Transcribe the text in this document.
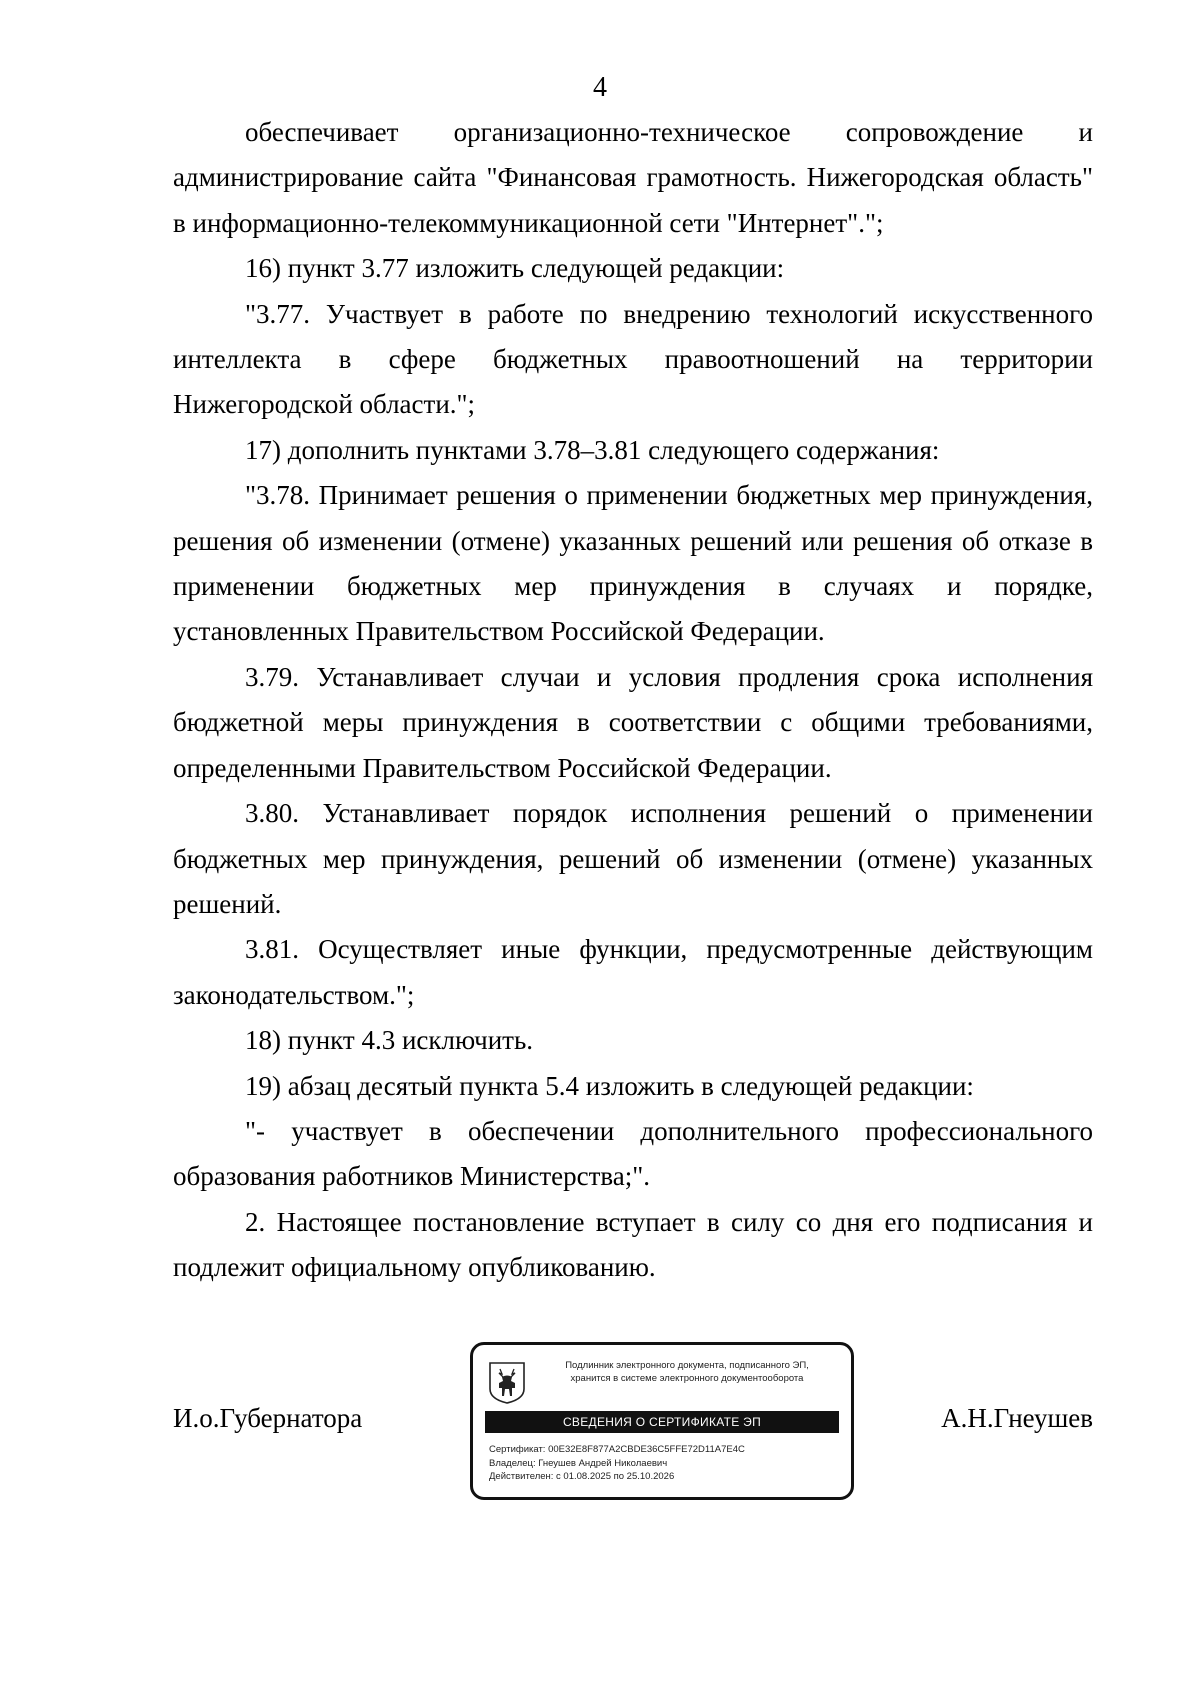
4

обеспечивает организационно-техническое сопровождение и администрирование сайта "Финансовая грамотность. Нижегородская область" в информационно-телекоммуникационной сети "Интернет".";

16) пункт 3.77 изложить следующей редакции:

"3.77. Участвует в работе по внедрению технологий искусственного интеллекта в сфере бюджетных правоотношений на территории Нижегородской области.";

17) дополнить пунктами 3.78–3.81 следующего содержания:

"3.78. Принимает решения о применении бюджетных мер принуждения, решения об изменении (отмене) указанных решений или решения об отказе в применении бюджетных мер принуждения в случаях и порядке, установленных Правительством Российской Федерации.

3.79. Устанавливает случаи и условия продления срока исполнения бюджетной меры принуждения в соответствии с общими требованиями, определенными Правительством Российской Федерации.

3.80. Устанавливает порядок исполнения решений о применении бюджетных мер принуждения, решений об изменении (отмене) указанных решений.

3.81. Осуществляет иные функции, предусмотренные действующим законодательством.";

18) пункт 4.3 исключить.

19) абзац десятый пункта 5.4 изложить в следующей редакции:

"- участвует в обеспечении дополнительного профессионального образования работников Министерства;".

2. Настоящее постановление вступает в силу со дня его подписания и подлежит официальному опубликованию.

И.о.Губернатора
Подлинник электронного документа, подписанного ЭП,
хранится в системе электронного документооборота
СВЕДЕНИЯ О СЕРТИФИКАТЕ ЭП
Сертификат: 00E32E8F877A2CBDE36C5FFE72D11A7E4C
Владелец: Гнеушев Андрей Николаевич
Действителен: с 01.08.2025 по 25.10.2026
А.Н.Гнеушев
